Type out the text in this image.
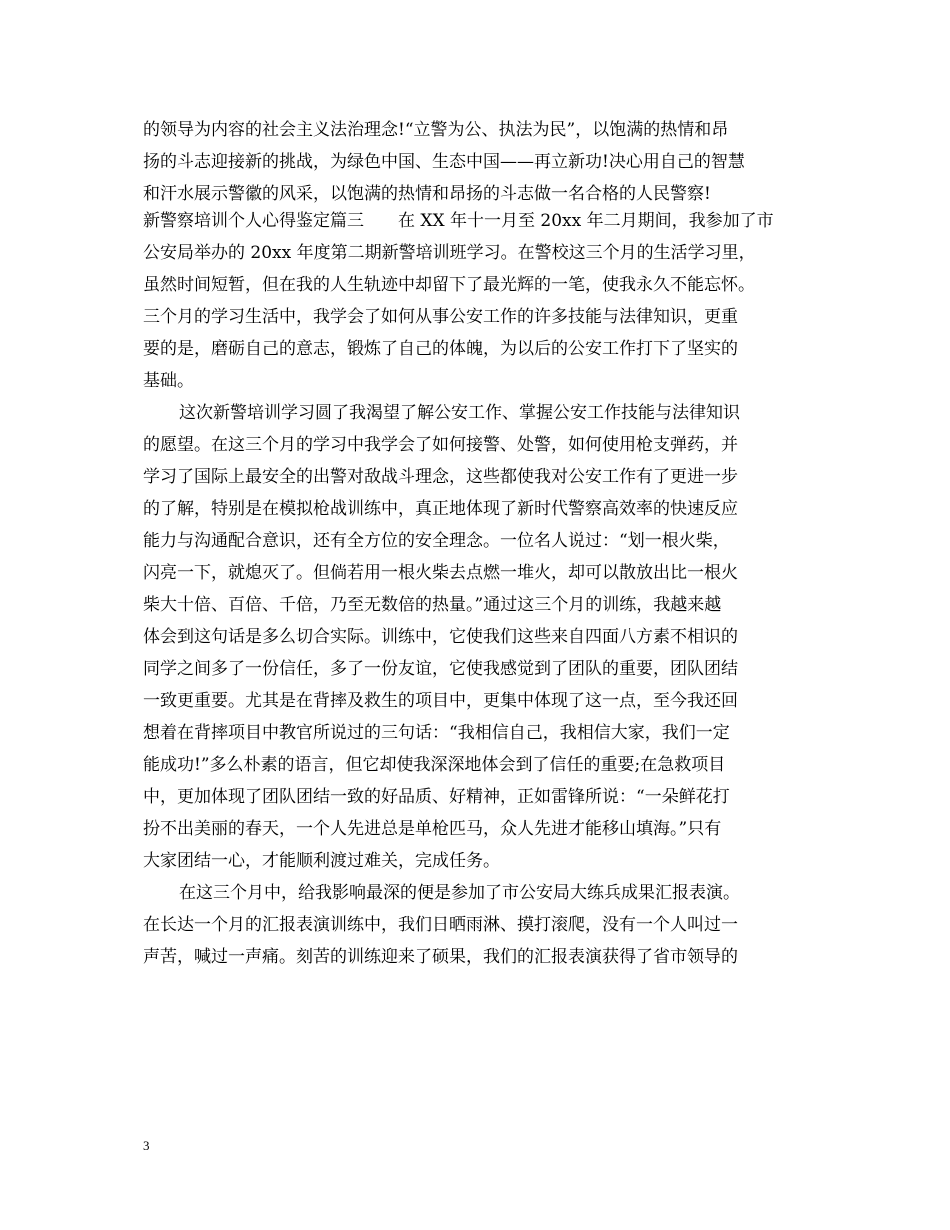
的领导为内容的社会主义法治理念!“立警为公、执法为民”，以饱满的热情和昂
扬的斗志迎接新的挑战，为绿色中国、生态中国——再立新功!决心用自己的智慧
和汗水展示警徽的风采，以饱满的热情和昂扬的斗志做一名合格的人民警察!
新警察培训个人心得鉴定篇三　　在 XX 年十一月至 20xx 年二月期间，我参加了市
公安局举办的 20xx 年度第二期新警培训班学习。在警校这三个月的生活学习里，
虽然时间短暂，但在我的人生轨迹中却留下了最光辉的一笔，使我永久不能忘怀。
三个月的学习生活中，我学会了如何从事公安工作的许多技能与法律知识，更重
要的是，磨砺自己的意志，锻炼了自己的体魄，为以后的公安工作打下了坚实的
基础。
这次新警培训学习圆了我渴望了解公安工作、掌握公安工作技能与法律知识
的愿望。在这三个月的学习中我学会了如何接警、处警，如何使用枪支弹药，并
学习了国际上最安全的出警对敌战斗理念，这些都使我对公安工作有了更进一步
的了解，特别是在模拟枪战训练中，真正地体现了新时代警察高效率的快速反应
能力与沟通配合意识，还有全方位的安全理念。一位名人说过：“划一根火柴，
闪亮一下，就熄灭了。但倘若用一根火柴去点燃一堆火，却可以散放出比一根火
柴大十倍、百倍、千倍，乃至无数倍的热量。”通过这三个月的训练，我越来越
体会到这句话是多么切合实际。训练中，它使我们这些来自四面八方素不相识的
同学之间多了一份信任，多了一份友谊，它使我感觉到了团队的重要，团队团结
一致更重要。尤其是在背摔及救生的项目中，更集中体现了这一点，至今我还回
想着在背摔项目中教官所说过的三句话：“我相信自己，我相信大家，我们一定
能成功!”多么朴素的语言，但它却使我深深地体会到了信任的重要;在急救项目
中，更加体现了团队团结一致的好品质、好精神，正如雷锋所说：“一朵鲜花打
扮不出美丽的春天，一个人先进总是单枪匹马，众人先进才能移山填海。”只有
大家团结一心，才能顺利渡过难关，完成任务。
在这三个月中，给我影响最深的便是参加了市公安局大练兵成果汇报表演。
在长达一个月的汇报表演训练中，我们日晒雨淋、摸打滚爬，没有一个人叫过一
声苦，喊过一声痛。刻苦的训练迎来了硕果，我们的汇报表演获得了省市领导的
3
